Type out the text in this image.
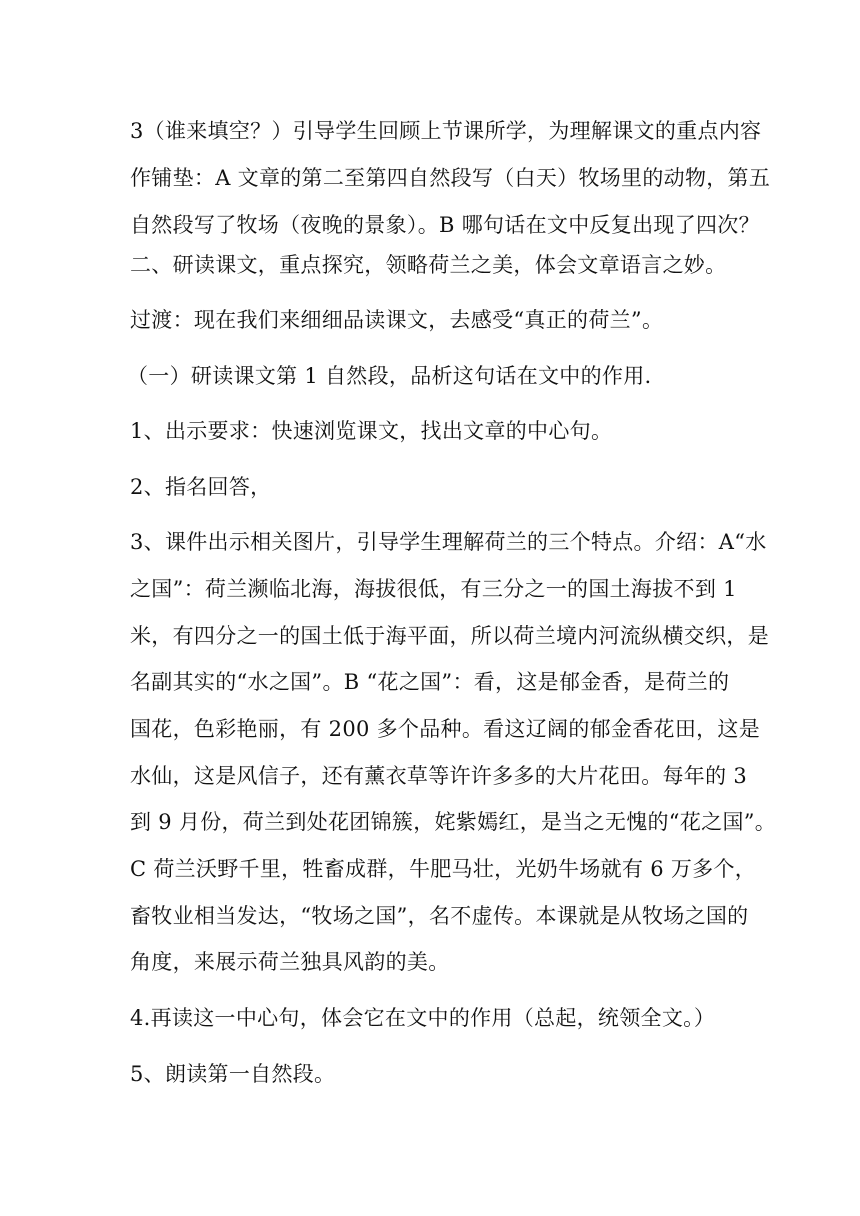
3（谁来填空？）引导学生回顾上节课所学，为理解课文的重点内容
作铺垫：A 文章的第二至第四自然段写（白天）牧场里的动物，第五
自然段写了牧场（夜晚的景象）。B 哪句话在文中反复出现了四次？
二、研读课文，重点探究，领略荷兰之美，体会文章语言之妙。
过渡：现在我们来细细品读课文，去感受“真正的荷兰”。
（一）研读课文第 1 自然段，品析这句话在文中的作用.
1、出示要求：快速浏览课文，找出文章的中心句。
2、指名回答，
3、课件出示相关图片，引导学生理解荷兰的三个特点。介绍：A“水
之国”：荷兰濒临北海，海拔很低，有三分之一的国土海拔不到 1
米，有四分之一的国土低于海平面，所以荷兰境内河流纵横交织，是
名副其实的“水之国”。B “花之国”：看，这是郁金香，是荷兰的
国花，色彩艳丽，有 200 多个品种。看这辽阔的郁金香花田，这是
水仙，这是风信子，还有薰衣草等许许多多的大片花田。每年的 3
到 9 月份，荷兰到处花团锦簇，姹紫嫣红，是当之无愧的“花之国”。
C 荷兰沃野千里，牲畜成群，牛肥马壮，光奶牛场就有 6 万多个，
畜牧业相当发达，“牧场之国”，名不虚传。本课就是从牧场之国的
角度，来展示荷兰独具风韵的美。
4.再读这一中心句，体会它在文中的作用（总起，统领全文。）
5、朗读第一自然段。
